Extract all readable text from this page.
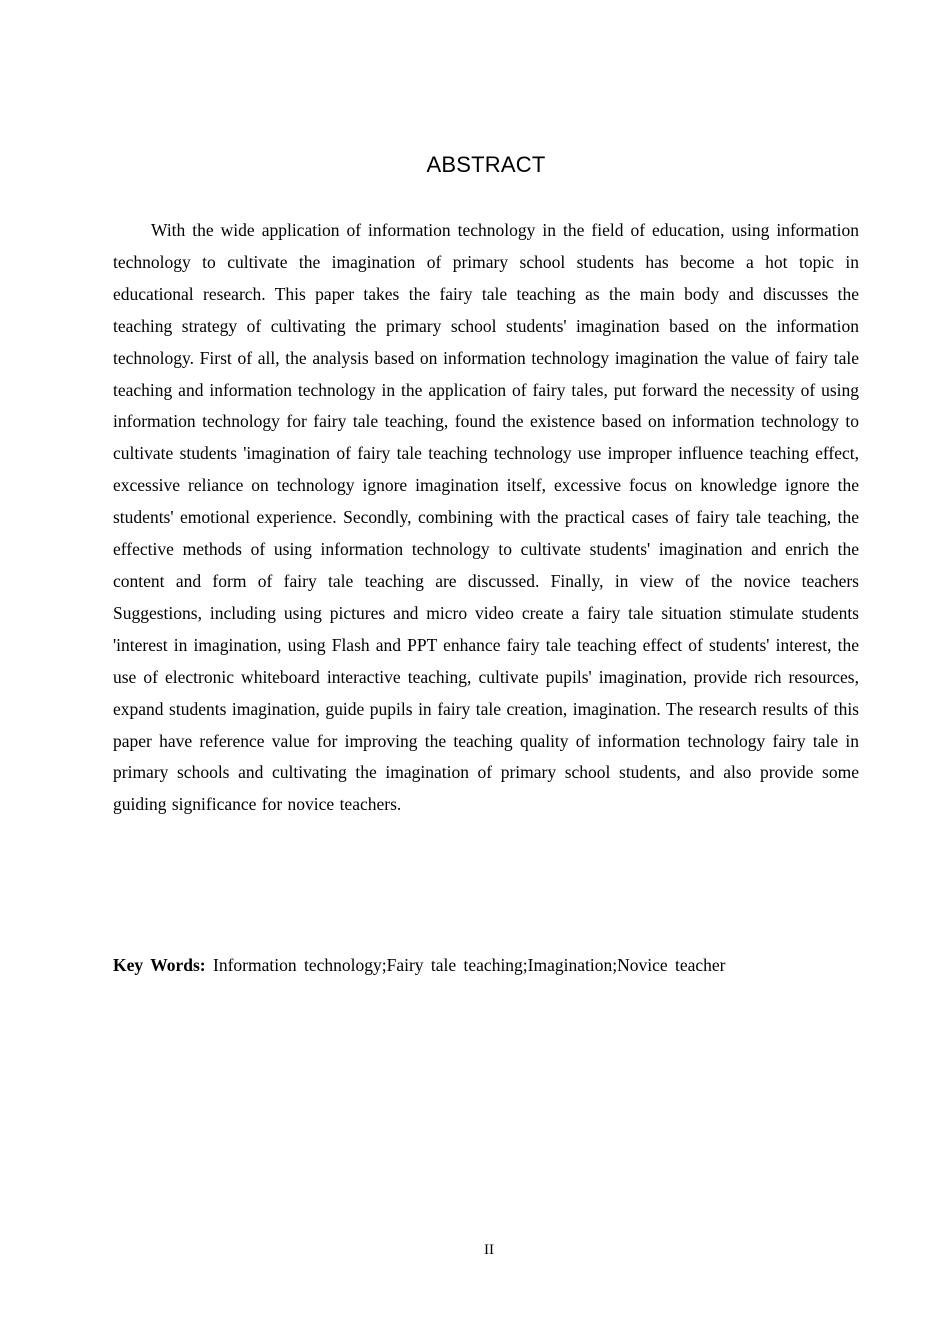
ABSTRACT

With the wide application of information technology in the field of education, using information technology to cultivate the imagination of primary school students has become a hot topic in educational research. This paper takes the fairy tale teaching as the main body and discusses the teaching strategy of cultivating the primary school students' imagination based on the information technology. First of all, the analysis based on information technology imagination the value of fairy tale teaching and information technology in the application of fairy tales, put forward the necessity of using information technology for fairy tale teaching, found the existence based on information technology to cultivate students 'imagination of fairy tale teaching technology use improper influence teaching effect, excessive reliance on technology ignore imagination itself, excessive focus on knowledge ignore the students' emotional experience. Secondly, combining with the practical cases of fairy tale teaching, the effective methods of using information technology to cultivate students' imagination and enrich the content and form of fairy tale teaching are discussed. Finally, in view of the novice teachers Suggestions, including using pictures and micro video create a fairy tale situation stimulate students 'interest in imagination, using Flash and PPT enhance fairy tale teaching effect of students' interest, the use of electronic whiteboard interactive teaching, cultivate pupils' imagination, provide rich resources, expand students imagination, guide pupils in fairy tale creation, imagination. The research results of this paper have reference value for improving the teaching quality of information technology fairy tale in primary schools and cultivating the imagination of primary school students, and also provide some guiding significance for novice teachers.

Key Words: Information technology;Fairy tale teaching;Imagination;Novice teacher

II
